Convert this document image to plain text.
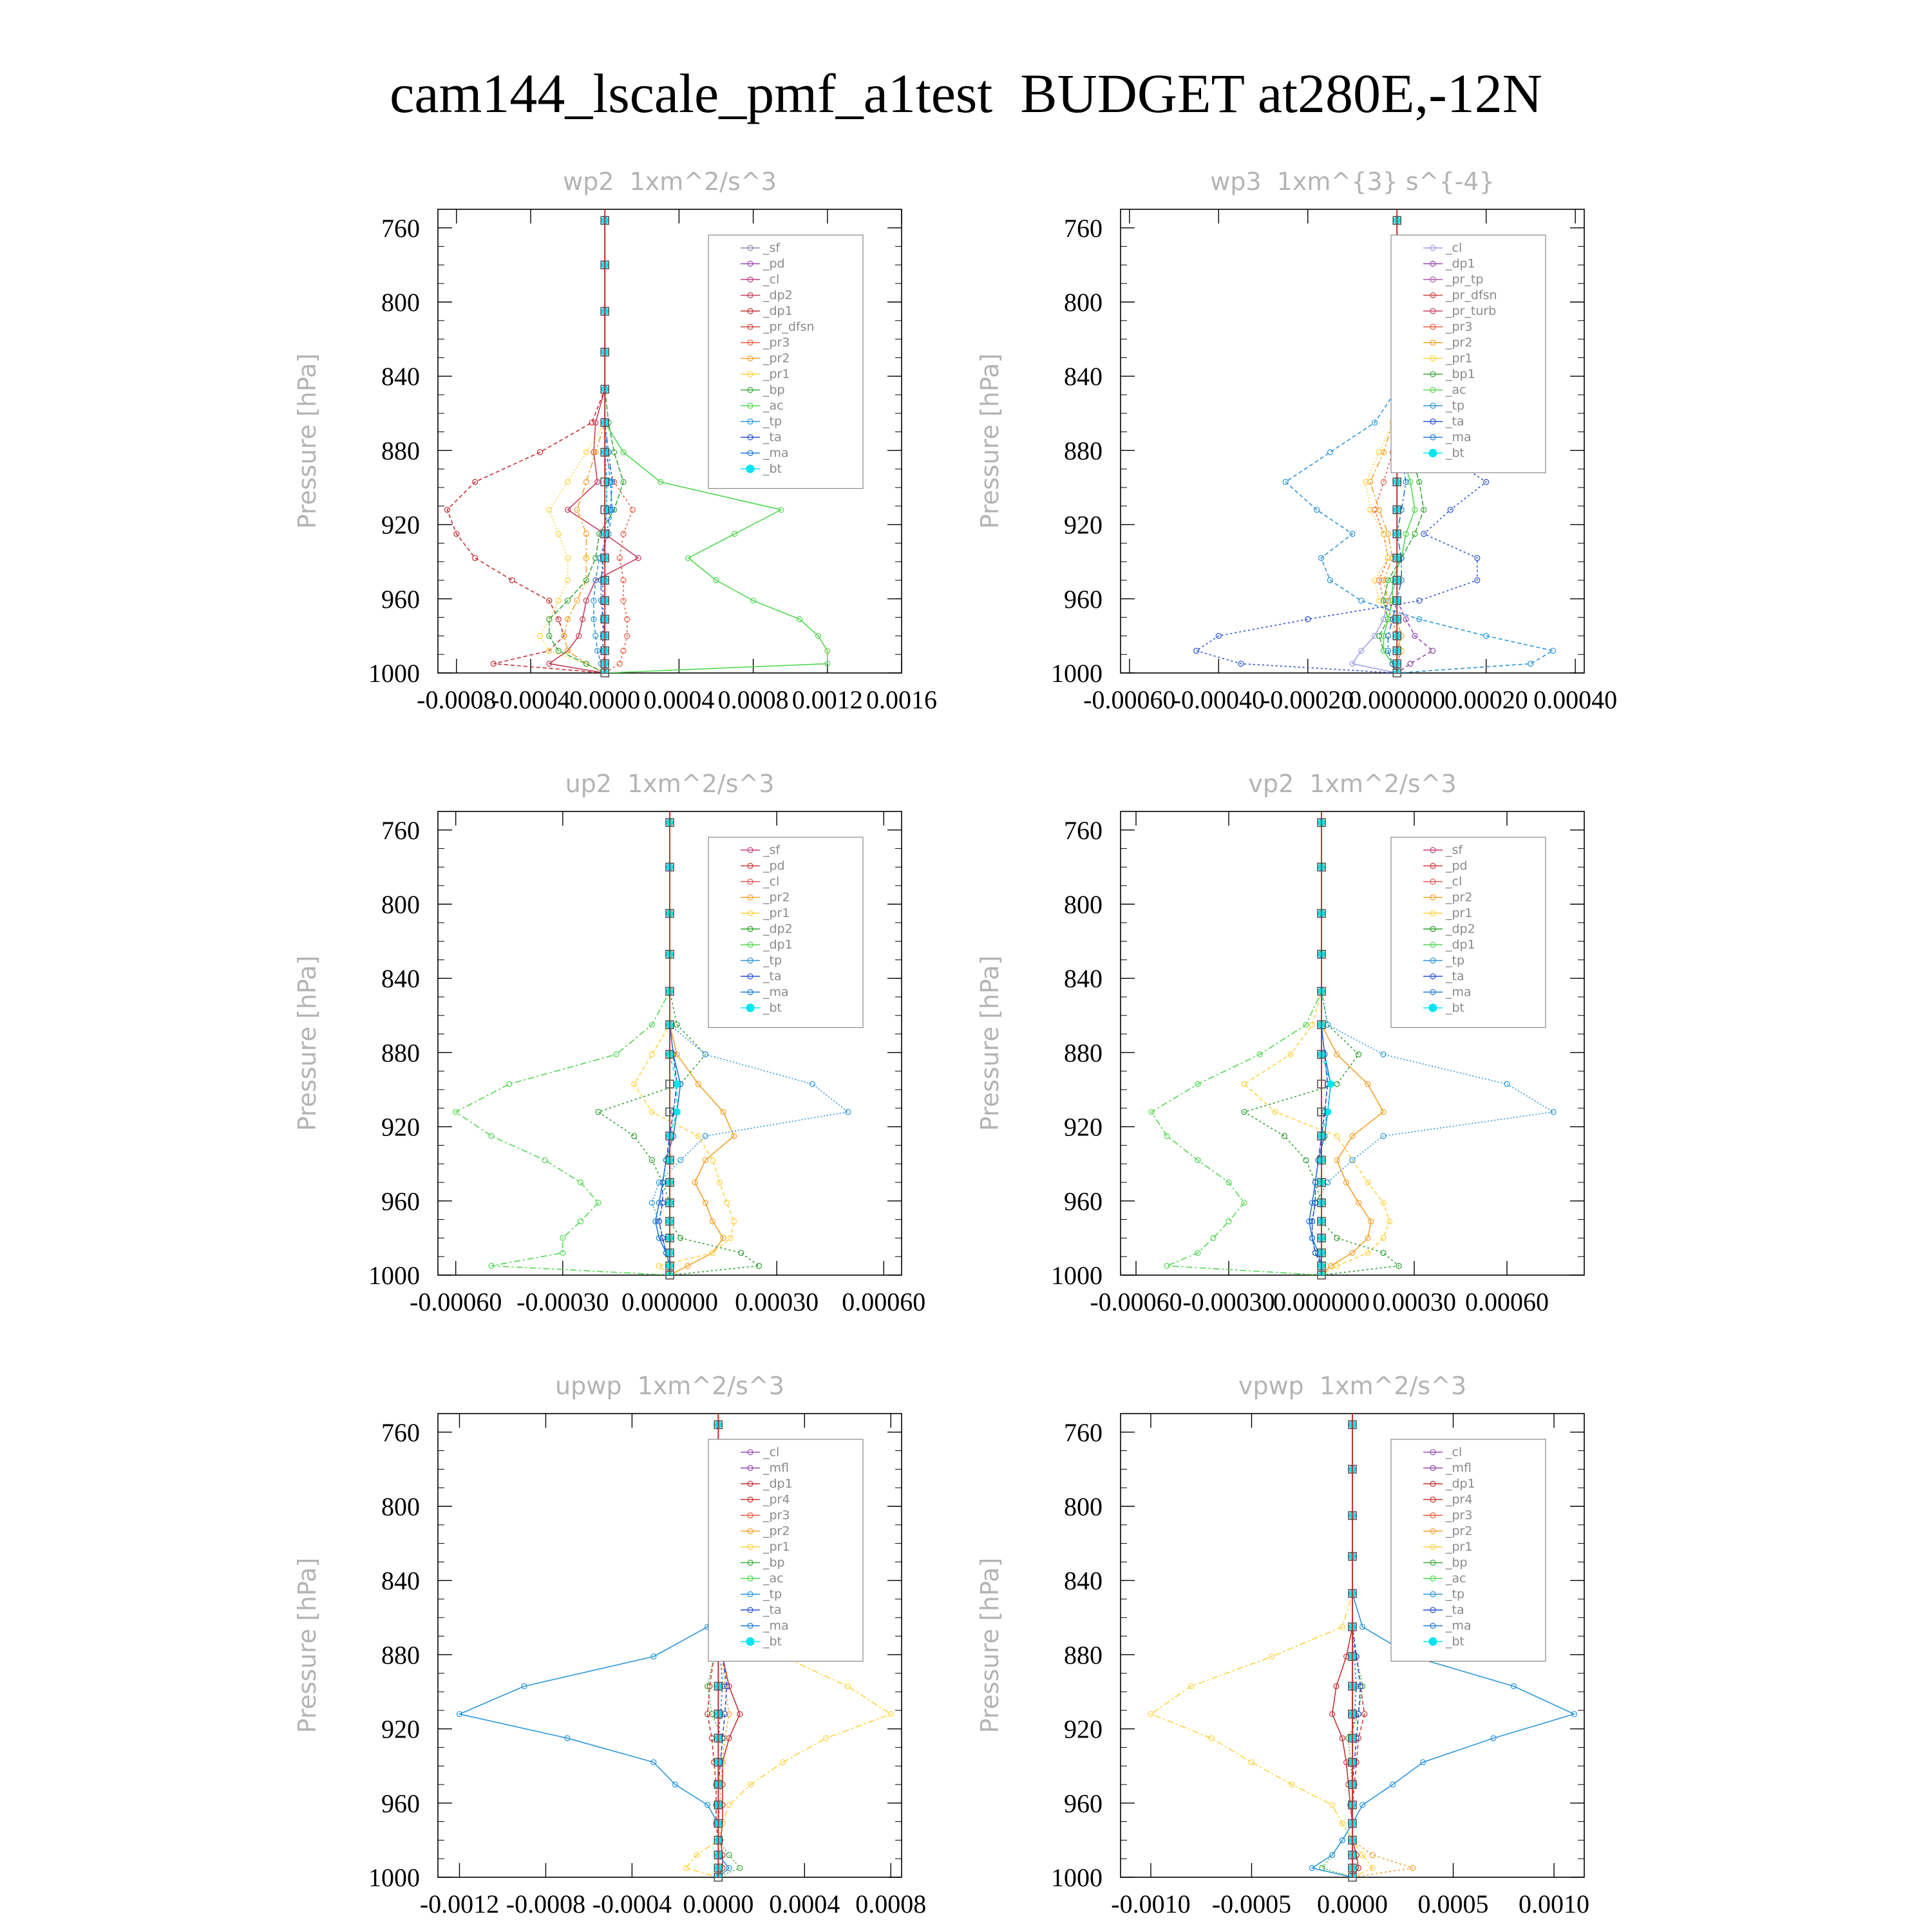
cam144_lscale_pmf_a1test  BUDGET at280E,-12N
wp2  1xm^2/s^3
Pressure [hPa]
760
800
840
880
920
960
1000
-0.0008
-0.0004
0.0000 0.0004 0.0008 0.0012 0.0016
_sf
_pd
_cl
_dp2
_dp1
_pr_dfsn
_pr3
_pr2
_pr1
_bp
_ac
_tp
_ta
_ma
_bt
wp3  1xm^{3} s^{-4}
Pressure [hPa]
760
800
840
880
920
960
1000
-0.00060
-0.00040
-0.00020
0.000000
0.00020 0.00040
_cl
_dp1
_pr_tp
_pr_dfsn
_pr_turb
_pr3
_pr2
_pr1
_bp1
_ac
_tp
_ta
_ma
_bt
up2  1xm^2/s^3
Pressure [hPa]
760
800
840
880
920
960
1000
-0.00060 -0.00030 0.000000 0.00030 0.00060
_sf
_pd
_cl
_pr2
_pr1
_dp2
_dp1
_tp
_ta
_ma
_bt
vp2  1xm^2/s^3
Pressure [hPa]
760
800
840
880
920
960
1000
-0.00060 -0.00030
0.000000 0.00030 0.00060
_sf
_pd
_cl
_pr2
_pr1
_dp2
_dp1
_tp
_ta
_ma
_bt
upwp  1xm^2/s^3
Pressure [hPa]
760
800
840
880
920
960
1000
-0.0012 -0.0008 -0.0004 0.0000 0.0004 0.0008
_cl
_mfl
_dp1
_pr4
_pr3
_pr2
_pr1
_bp
_ac
_tp
_ta
_ma
_bt
vpwp  1xm^2/s^3
Pressure [hPa]
760
800
840
880
920
960
1000
-0.0010 -0.0005 0.0000 0.0005 0.0010
_cl
_mfl
_dp1
_pr4
_pr3
_pr2
_pr1
_bp
_ac
_tp
_ta
_ma
_bt
